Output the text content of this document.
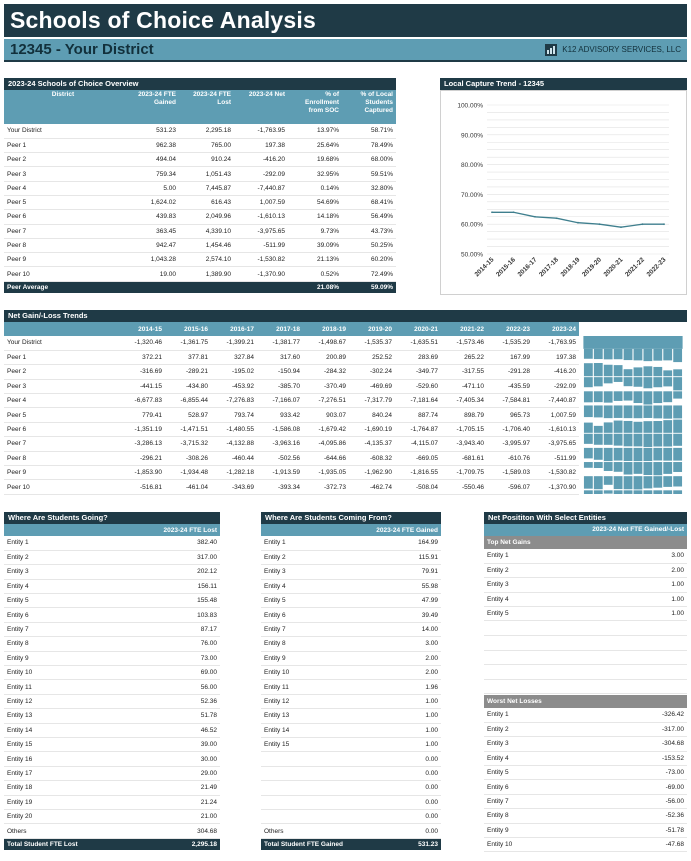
Schools of Choice Analysis
12345 - Your District	K12 ADVISORY SERVICES, LLC
2023-24 Schools of Choice Overview
District	2023-24 FTE Gained	2023-24 FTE Lost	2023-24 Net	% of Enrollment from SOC	% of Local Students Captured
Your District	531.23	2,295.18	-1,763.95	13.97%	58.71%
Peer 1	962.38	765.00	197.38	25.64%	78.49%
Peer 2	494.04	910.24	-416.20	19.68%	68.00%
Peer 3	759.34	1,051.43	-292.09	32.95%	59.51%
Peer 4	5.00	7,445.87	-7,440.87	0.14%	32.80%
Peer 5	1,624.02	616.43	1,007.59	54.69%	68.41%
Peer 6	439.83	2,049.96	-1,610.13	14.18%	56.49%
Peer 7	363.45	4,339.10	-3,975.65	9.73%	43.73%
Peer 8	942.47	1,454.46	-511.99	39.09%	50.25%
Peer 9	1,043.28	2,574.10	-1,530.82	21.13%	60.20%
Peer 10	19.00	1,389.90	-1,370.90	0.52%	72.49%
Peer Average				21.08%	59.09%
Local Capture Trend - 12345
50.00%
60.00%
70.00%
80.00%
90.00%
100.00%
2014-15 2015-16 2016-17 2017-18 2018-19 2019-20 2020-21 2021-22 2022-23
Net Gain/-Loss Trends
	2014-15	2015-16	2016-17	2017-18	2018-19	2019-20	2020-21	2021-22	2022-23	2023-24
Your District	-1,320.46	-1,361.75	-1,399.21	-1,381.77	-1,498.67	-1,535.37	-1,635.51	-1,573.46	-1,535.29	-1,763.95
Peer 1	372.21	377.81	327.84	317.60	200.89	252.52	283.69	265.22	167.99	197.38
Peer 2	-316.69	-289.21	-195.02	-150.94	-284.32	-302.24	-349.77	-317.55	-291.28	-416.20
Peer 3	-441.15	-434.80	-453.92	-385.70	-370.49	-469.69	-529.60	-471.10	-435.59	-292.09
Peer 4	-6,677.83	-6,855.44	-7,276.83	-7,166.07	-7,276.51	-7,317.79	-7,181.64	-7,405.34	-7,584.81	-7,440.87
Peer 5	779.41	528.97	793.74	933.42	903.07	840.24	887.74	898.79	965.73	1,007.59
Peer 6	-1,351.19	-1,471.51	-1,480.55	-1,586.08	-1,679.42	-1,690.19	-1,764.87	-1,705.15	-1,706.40	-1,610.13
Peer 7	-3,286.13	-3,715.32	-4,132.88	-3,963.16	-4,095.86	-4,135.37	-4,115.07	-3,943.40	-3,995.97	-3,975.65
Peer 8	-296.21	-308.26	-460.44	-502.56	-644.66	-608.32	-669.05	-681.61	-610.76	-511.99
Peer 9	-1,853.90	-1,934.48	-1,282.18	-1,913.59	-1,935.05	-1,962.90	-1,816.55	-1,709.75	-1,589.03	-1,530.82
Peer 10	-516.81	-461.04	-343.69	-393.34	-372.73	-462.74	-508.04	-550.46	-596.07	-1,370.90
Where Are Students Going?
	2023-24 FTE Lost
Entity 1	382.40
Entity 2	317.00
Entity 3	202.12
Entity 4	156.11
Entity 5	155.48
Entity 6	103.83
Entity 7	87.17
Entity 8	76.00
Entity 9	73.00
Entity 10	69.00
Entity 11	56.00
Entity 12	52.36
Entity 13	51.78
Entity 14	46.52
Entity 15	39.00
Entity 16	30.00
Entity 17	29.00
Entity 18	21.49
Entity 19	21.24
Entity 20	21.00
Others	304.68
Total Student FTE Lost	2,295.18
Where Are Students Coming From?
	2023-24 FTE Gained
Entity 1	164.99
Entity 2	115.91
Entity 3	79.91
Entity 4	55.98
Entity 5	47.99
Entity 6	39.49
Entity 7	14.00
Entity 8	3.00
Entity 9	2.00
Entity 10	2.00
Entity 11	1.96
Entity 12	1.00
Entity 13	1.00
Entity 14	1.00
Entity 15	1.00
	0.00
	0.00
	0.00
	0.00
	0.00
Others	0.00
Total Student FTE Gained	531.23
Net Posititon With Select Entities
2023-24 Net FTE Gained/-Lost
Top Net Gains
Entity 1	3.00
Entity 2	2.00
Entity 3	1.00
Entity 4	1.00
Entity 5	1.00

Worst Net Losses
Entity 1	-326.42
Entity 2	-317.00
Entity 3	-304.68
Entity 4	-153.52
Entity 5	-73.00
Entity 6	-69.00
Entity 7	-56.00
Entity 8	-52.36
Entity 9	-51.78
Entity 10	-47.68
